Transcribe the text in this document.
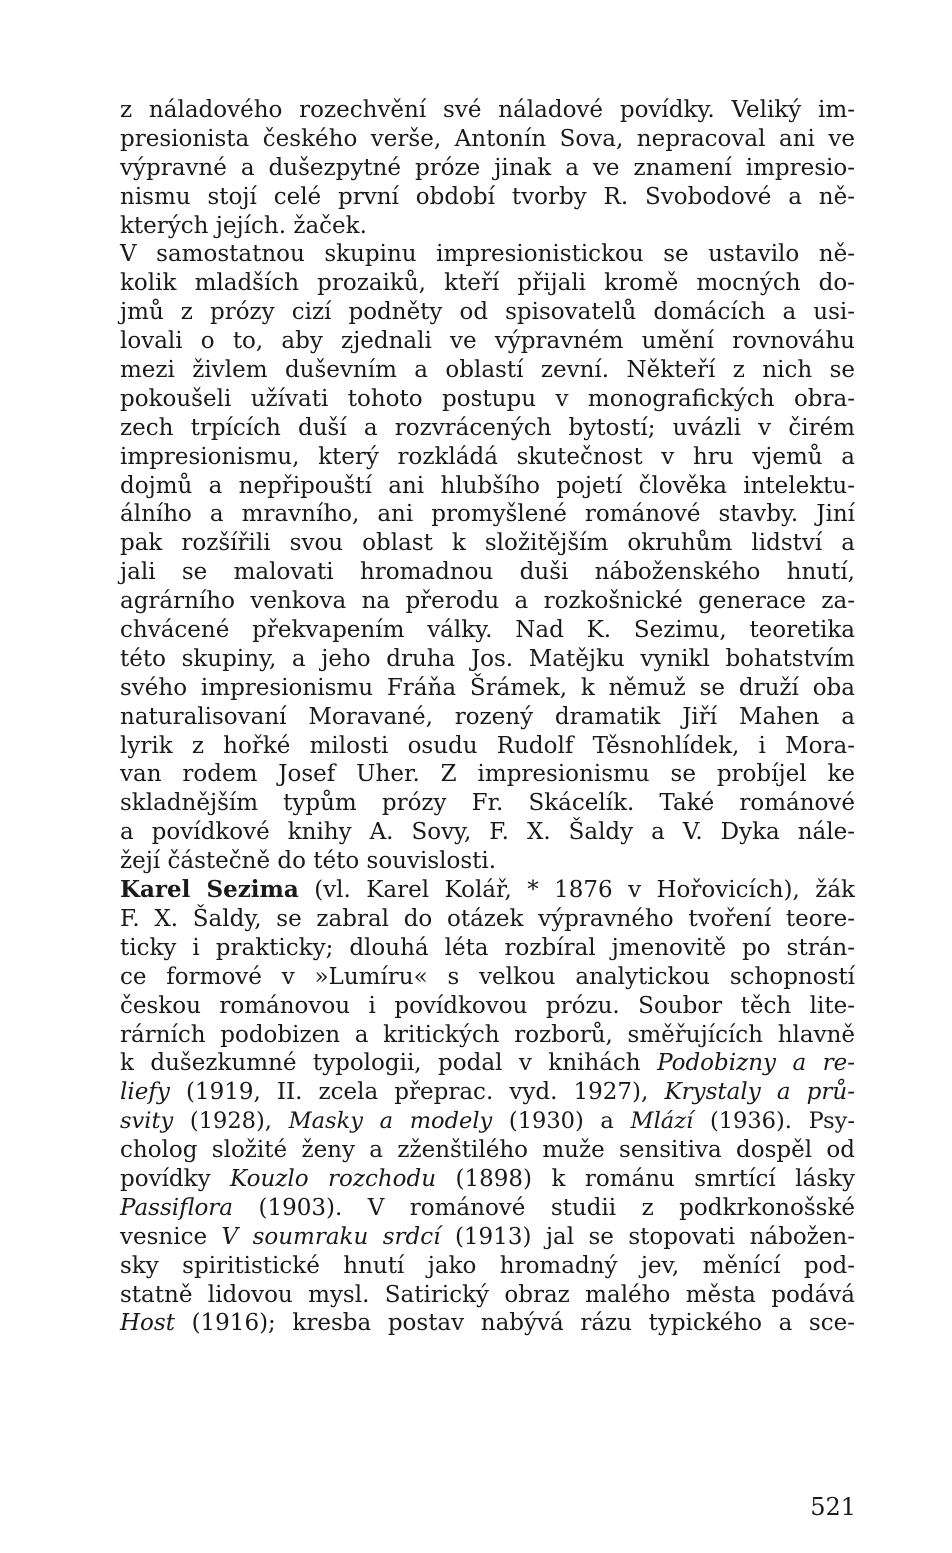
z náladového rozechvění své náladové povídky. Veliký im-
presionista českého verše, Antonín Sova, nepracoval ani ve
výpravné a dušezpytné próze jinak a ve znamení impresio-
nismu stojí celé první období tvorby R. Svobodové a ně-
kterých jejích. žaček.
V samostatnou skupinu impresionistickou se ustavilo ně-
kolik mladších prozaiků, kteří přijali kromě mocných do-
jmů z prózy cizí podněty od spisovatelů domácích a usi-
lovali o to, aby zjednali ve výpravném umění rovnováhu
mezi živlem duševním a oblastí zevní. Někteří z nich se
pokoušeli užívati tohoto postupu v monografických obra-
zech trpících duší a rozvrácených bytostí; uvázli v čirém
impresionismu, který rozkládá skutečnost v hru vjemů a
dojmů a nepřipouští ani hlubšího pojetí člověka intelektu-
álního a mravního, ani promyšlené románové stavby. Jiní
pak rozšířili svou oblast k složitějším okruhům lidství a
jali se malovati hromadnou duši náboženského hnutí,
agrárního venkova na přerodu a rozkošnické generace za-
chvácené překvapením války. Nad K. Sezimu, teoretika
této skupiny, a jeho druha Jos. Matějku vynikl bohatstvím
svého impresionismu Fráňa Šrámek, k němuž se druží oba
naturalisovaní Moravané, rozený dramatik Jiří Mahen a
lyrik z hořké milosti osudu Rudolf Těsnohlídek, i Mora-
van rodem Josef Uher. Z impresionismu se probíjel ke
skladnějším typům prózy Fr. Skácelík. Také románové
a povídkové knihy A. Sovy, F. X. Šaldy a V. Dyka nále-
žejí částečně do této souvislosti.
Karel Sezima (vl. Karel Kolář, * 1876 v Hořovicích), žák
F. X. Šaldy, se zabral do otázek výpravného tvoření teore-
ticky i prakticky; dlouhá léta rozbíral jmenovitě po strán-
ce formové v »Lumíru« s velkou analytickou schopností
českou románovou i povídkovou prózu. Soubor těch lite-
rárních podobizen a kritických rozborů, směřujících hlavně
k dušezkumné typologii, podal v knihách Podobizny a re-
liefy (1919, II. zcela přeprac. vyd. 1927), Krystaly a prů-
svity (1928), Masky a modely (1930) a Mlází (1936). Psy-
cholog složité ženy a zženštilého muže sensitiva dospěl od
povídky Kouzlo rozchodu (1898) k románu smrtící lásky
Passiflora (1903). V románové studii z podkrkonošské
vesnice V soumraku srdcí (1913) jal se stopovati nábožen-
sky spiritistické hnutí jako hromadný jev, měnící pod-
statně lidovou mysl. Satirický obraz malého města podává
Host (1916); kresba postav nabývá rázu typického a sce-
521
